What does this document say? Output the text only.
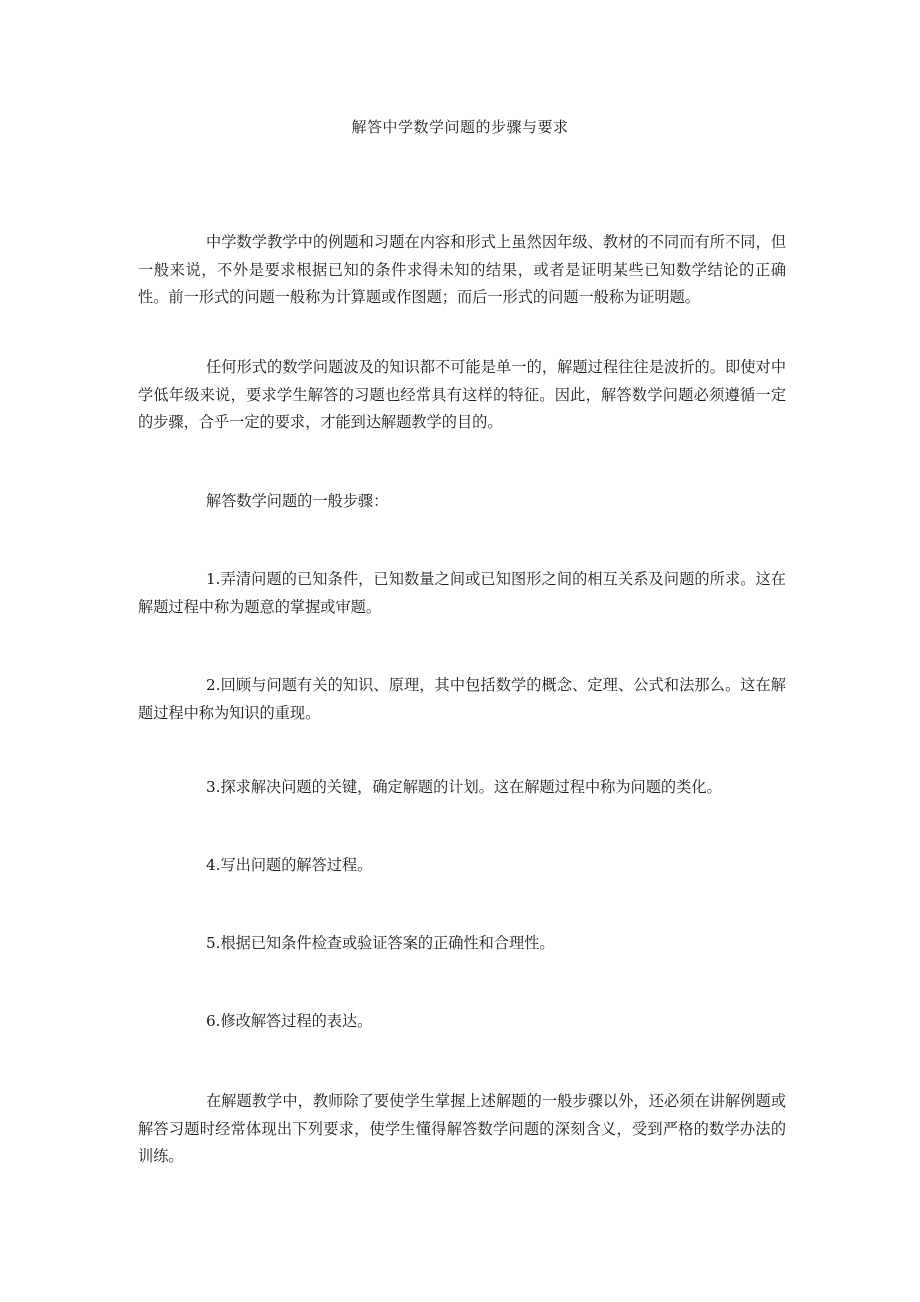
解答中学数学问题的步骤与要求

中学数学教学中的例题和习题在内容和形式上虽然因年级、教材的不同而有所不同，但一般来说，不外是要求根据已知的条件求得未知的结果，或者是证明某些已知数学结论的正确性。前一形式的问题一般称为计算题或作图题；而后一形式的问题一般称为证明题。

任何形式的数学问题波及的知识都不可能是单一的，解题过程往往是波折的。即使对中学低年级来说，要求学生解答的习题也经常具有这样的特征。因此，解答数学问题必须遵循一定的步骤，合乎一定的要求，才能到达解题教学的目的。

解答数学问题的一般步骤：

1.弄清问题的已知条件，已知数量之间或已知图形之间的相互关系及问题的所求。这在解题过程中称为题意的掌握或审题。

2.回顾与问题有关的知识、原理，其中包括数学的概念、定理、公式和法那么。这在解题过程中称为知识的重现。

3.探求解决问题的关键，确定解题的计划。这在解题过程中称为问题的类化。

4.写出问题的解答过程。

5.根据已知条件检查或验证答案的正确性和合理性。

6.修改解答过程的表达。

在解题教学中，教师除了要使学生掌握上述解题的一般步骤以外，还必须在讲解例题或解答习题时经常体现出下列要求，使学生懂得解答数学问题的深刻含义，受到严格的数学办法的训练。
